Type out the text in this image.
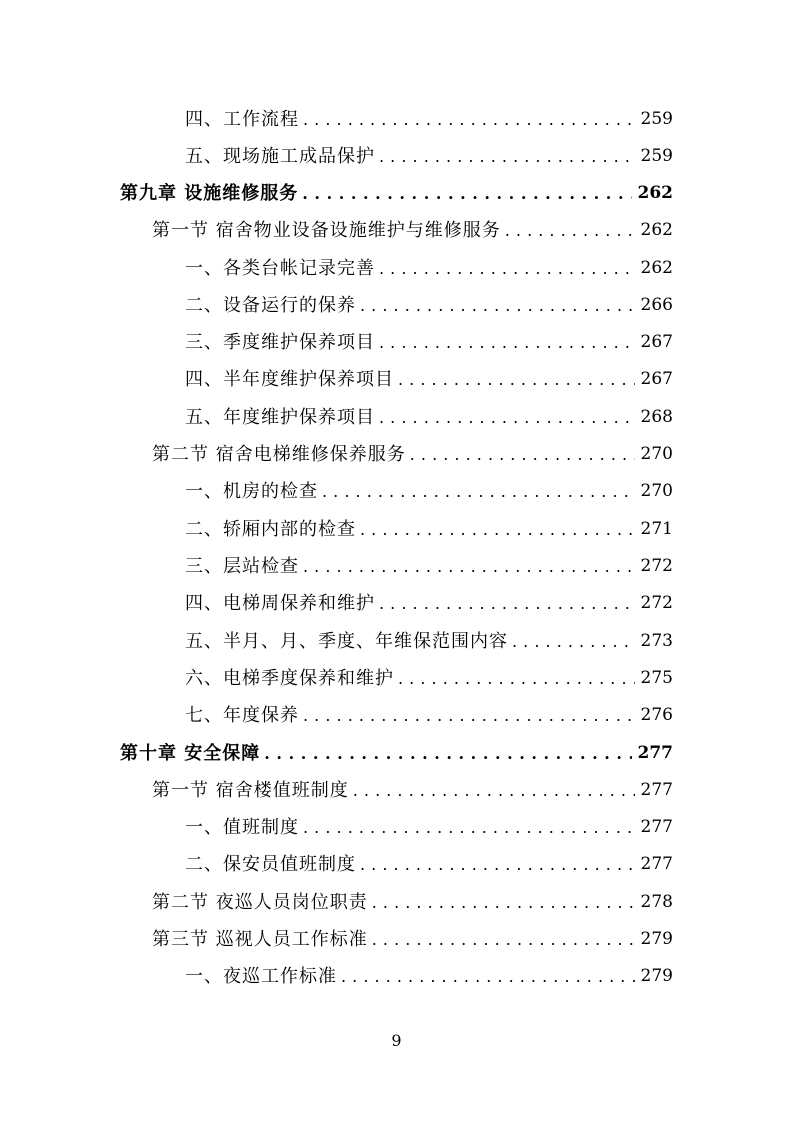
四、工作流程 . . .	259
五、现场施工成品保护 . . .	259
第九章 设施维修服务 . . .	262
第一节 宿舍物业设备设施维护与维修服务 . . .	262
一、各类台帐记录完善 . . .	262
二、设备运行的保养 . . .	266
三、季度维护保养项目 . . .	267
四、半年度维护保养项目 . . .	267
五、年度维护保养项目 . . .	268
第二节 宿舍电梯维修保养服务 . . .	270
一、机房的检查 . . .	270
二、轿厢内部的检查 . . .	271
三、层站检查 . . .	272
四、电梯周保养和维护 . . .	272
五、半月、月、季度、年维保范围内容 . . .	273
六、电梯季度保养和维护 . . .	275
七、年度保养 . . .	276
第十章 安全保障 . . .	277
第一节 宿舍楼值班制度 . . .	277
一、值班制度 . . .	277
二、保安员值班制度 . . .	277
第二节 夜巡人员岗位职责 . . .	278
第三节 巡视人员工作标准 . . .	279
一、夜巡工作标准 . . .	279
9
